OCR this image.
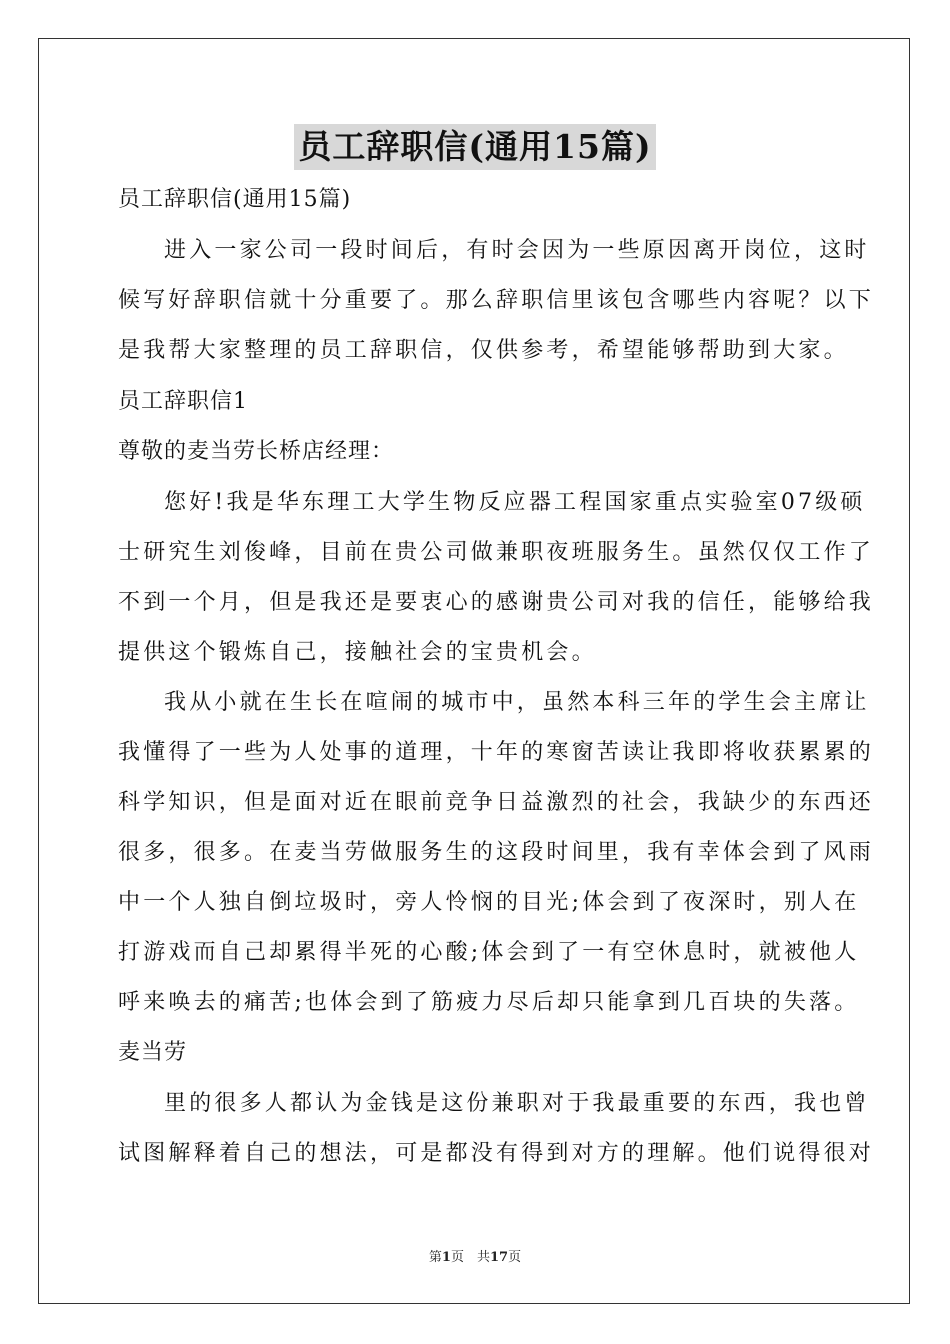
员工辞职信(通用15篇)
员工辞职信(通用15篇)
进入一家公司一段时间后，有时会因为一些原因离开岗位，这时
候写好辞职信就十分重要了。那么辞职信里该包含哪些内容呢？以下
是我帮大家整理的员工辞职信，仅供参考，希望能够帮助到大家。
员工辞职信1
尊敬的麦当劳长桥店经理：
您好!我是华东理工大学生物反应器工程国家重点实验室07级硕
士研究生刘俊峰，目前在贵公司做兼职夜班服务生。虽然仅仅工作了
不到一个月，但是我还是要衷心的感谢贵公司对我的信任，能够给我
提供这个锻炼自己，接触社会的宝贵机会。
我从小就在生长在喧闹的城市中，虽然本科三年的学生会主席让
我懂得了一些为人处事的道理，十年的寒窗苦读让我即将收获累累的
科学知识，但是面对近在眼前竞争日益激烈的社会，我缺少的东西还
很多，很多。在麦当劳做服务生的这段时间里，我有幸体会到了风雨
中一个人独自倒垃圾时，旁人怜悯的目光;体会到了夜深时，别人在
打游戏而自己却累得半死的心酸;体会到了一有空休息时，就被他人
呼来唤去的痛苦;也体会到了筋疲力尽后却只能拿到几百块的失落。
麦当劳
里的很多人都认为金钱是这份兼职对于我最重要的东西，我也曾
试图解释着自己的想法，可是都没有得到对方的理解。他们说得很对
第1页　共17页
